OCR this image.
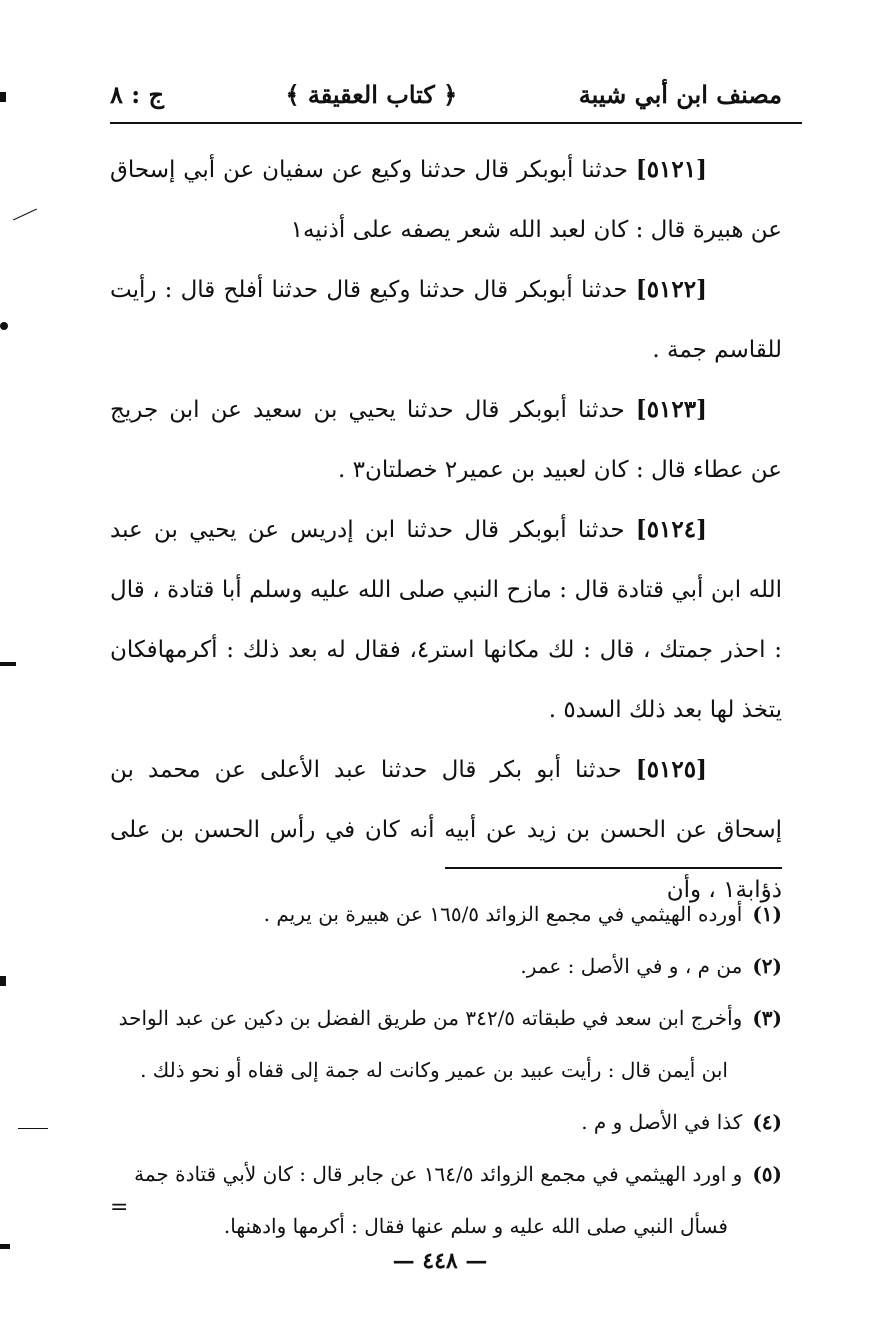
مصنف ابن أبي شيبة
﴿ كتاب العقيقة ﴾
ج : ٨

[٥١٢١] حدثنا أبوبكر قال حدثنا وكيع عن سفيان عن أبي إسحاق عن هبيرة قال : كان لعبد الله شعر يصفه على أذنيه١

[٥١٢٢] حدثنا أبوبكر قال حدثنا وكيع قال حدثنا أفلح قال : رأيت للقاسم جمة .

[٥١٢٣] حدثنا أبوبكر قال حدثنا يحيي بن سعيد عن ابن جريج عن عطاء قال : كان لعبيد بن عمير٢ خصلتان٣ .

[٥١٢٤] حدثنا أبوبكر قال حدثنا ابن إدريس عن يحيي بن عبد الله ابن أبي قتادة قال : مازح النبي صلى الله عليه وسلم أبا قتادة ، قال : احذر جمتك ، قال : لك مكانها استر٤، فقال له بعد ذلك : أكرمهافكان يتخذ لها بعد ذلك السد٥ .

[٥١٢٥] حدثنا أبو بكر قال حدثنا عبد الأعلى عن محمد بن إسحاق عن الحسن بن زيد عن أبيه أنه كان في رأس الحسن بن على ذؤابة١ ، وأن

(١)أورده الهيثمي في مجمع الزوائد ١٦٥/٥ عن هبيرة بن يريم .

(٢)من م ، و في الأصل : عمر.

(٣)وأخرج ابن سعد في طبقاته ٣٤٢/٥ من طريق الفضل بن دكين عن عبد الواحد

ابن أيمن قال : رأيت عبيد بن عمير وكانت له جمة إلى قفاه أو نحو ذلك .

(٤)كذا في الأصل و م .

(٥)و اورد الهيثمي في مجمع الزوائد ١٦٤/٥ عن جابر قال : كان لأبي قتادة جمة

فسأل النبي صلى الله عليه و سلم عنها فقال : أكرمها وادهنها.

=
— ٤٤٨ —
